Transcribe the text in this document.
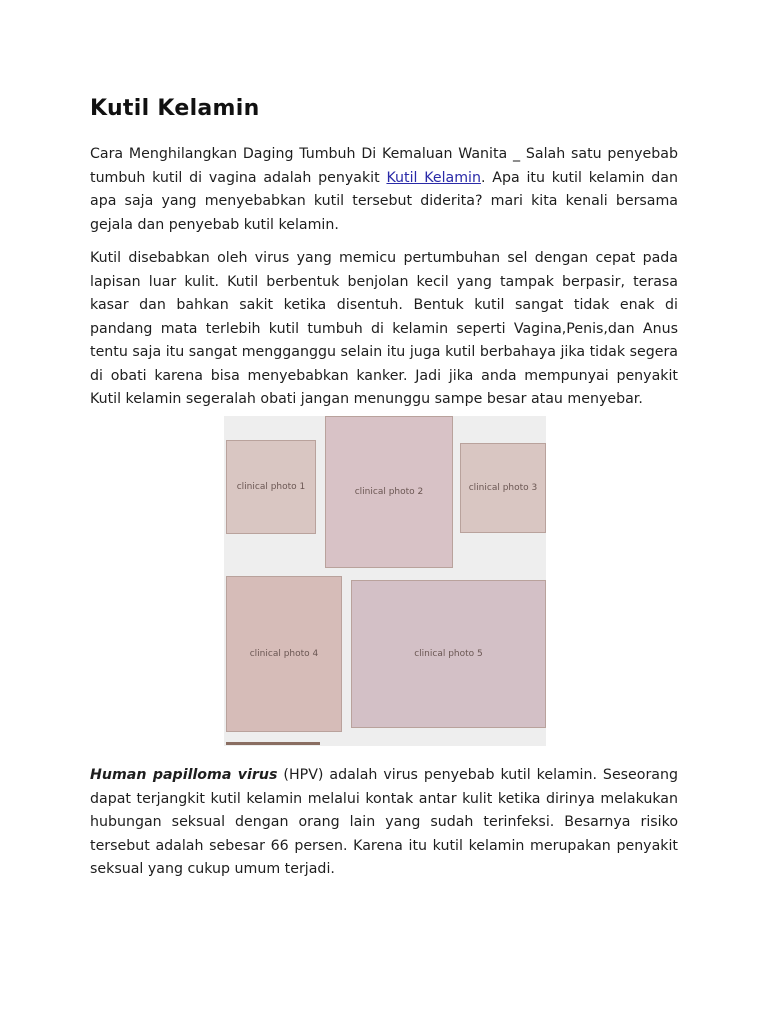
Kutil Kelamin

Cara Menghilangkan Daging Tumbuh Di Kemaluan Wanita _ Salah satu penyebab tumbuh kutil di vagina adalah penyakit Kutil Kelamin. Apa itu kutil kelamin dan apa saja yang menyebabkan kutil tersebut diderita? mari kita kenali bersama gejala dan penyebab kutil kelamin.

Kutil disebabkan oleh virus yang memicu pertumbuhan sel dengan cepat pada lapisan luar kulit. Kutil berbentuk benjolan kecil yang tampak berpasir, terasa kasar dan bahkan sakit ketika disentuh. Bentuk kutil sangat tidak enak di pandang mata terlebih kutil tumbuh di kelamin seperti Vagina,Penis,dan Anus tentu saja itu sangat mengganggu selain itu juga kutil berbahaya jika tidak segera di obati karena bisa menyebabkan kanker. Jadi jika anda mempunyai penyakit Kutil kelamin segeralah obati jangan menunggu sampe besar atau menyebar.

clinical photo 1	clinical photo 2	clinical photo 3
clinical photo 4	clinical photo 5

Human papilloma virus (HPV) adalah virus penyebab kutil kelamin. Seseorang dapat terjangkit kutil kelamin melalui kontak antar kulit ketika dirinya melakukan hubungan seksual dengan orang lain yang sudah terinfeksi. Besarnya risiko tersebut adalah sebesar 66 persen. Karena itu kutil kelamin merupakan penyakit seksual yang cukup umum terjadi.
